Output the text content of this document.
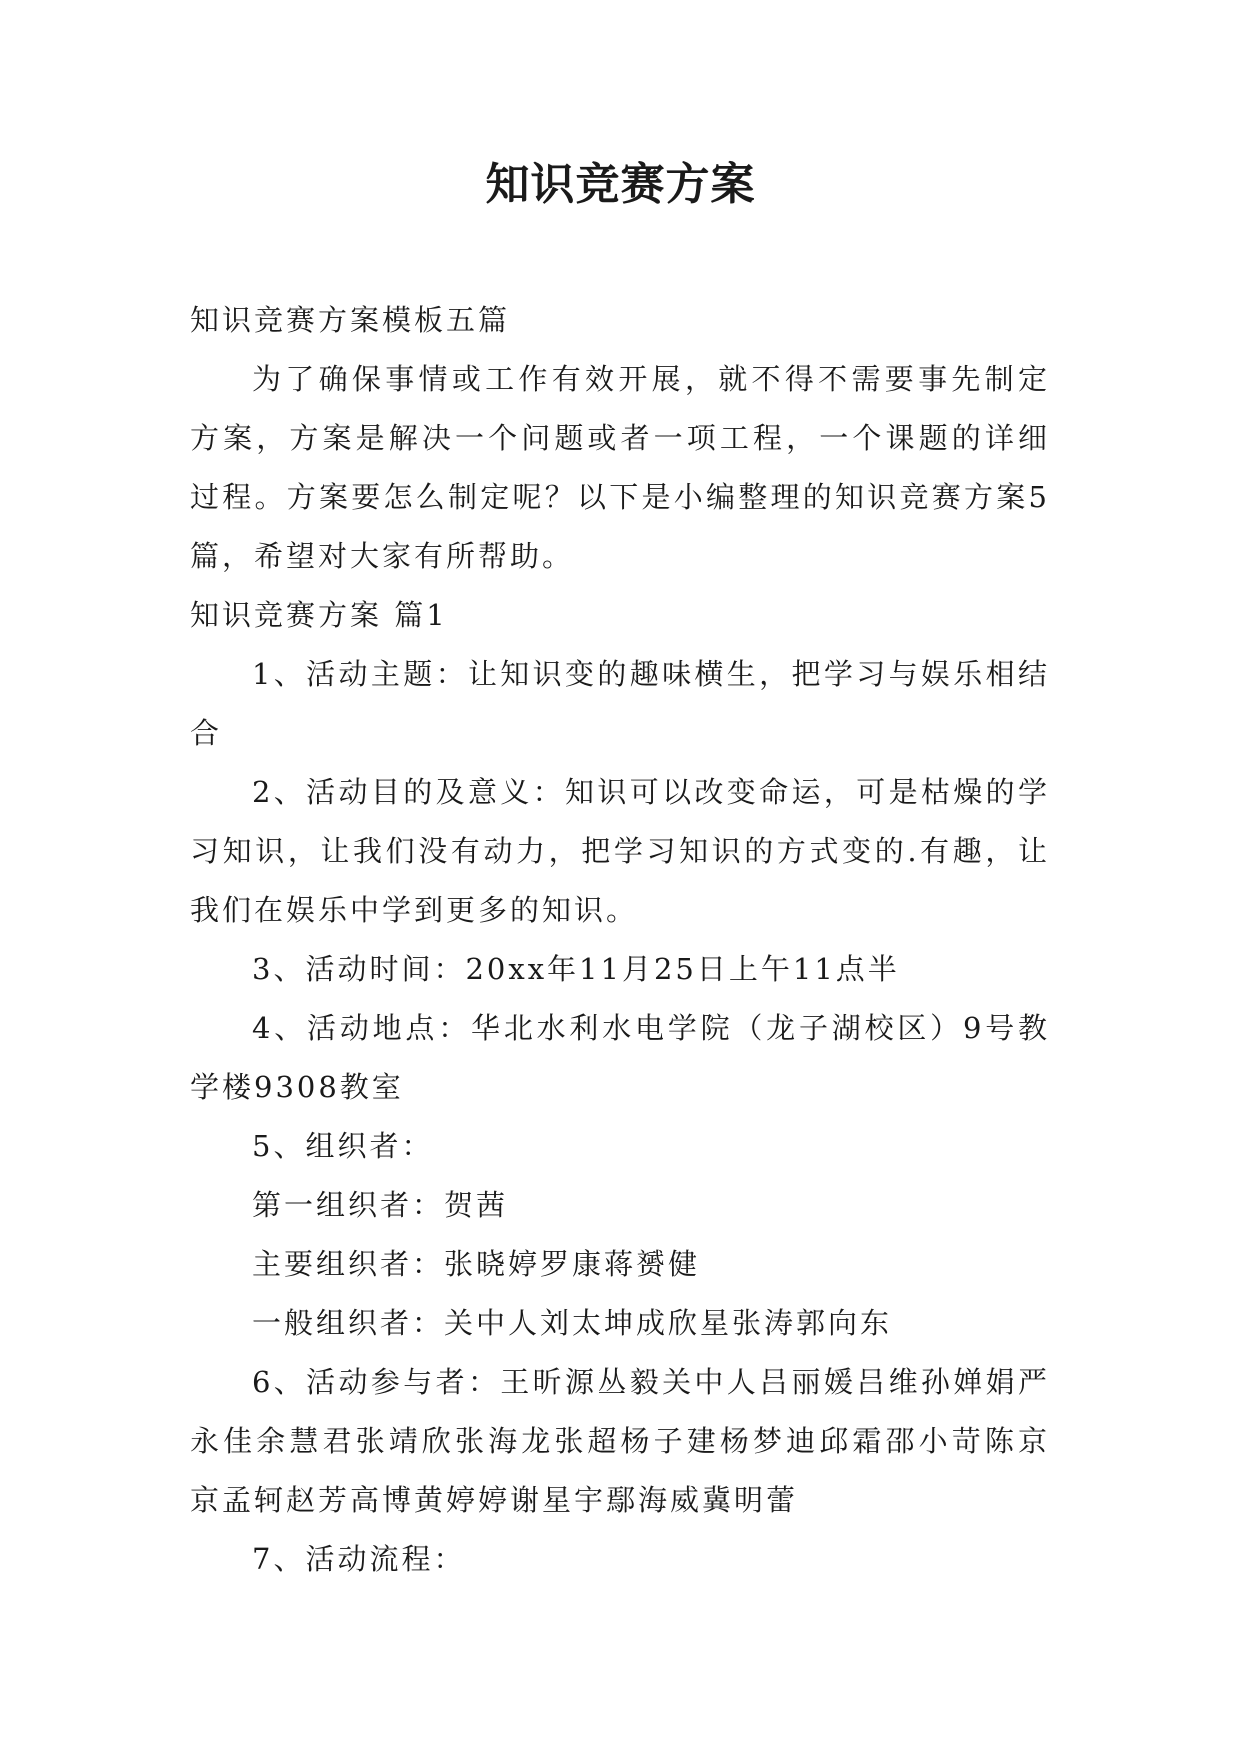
知识竞赛方案

知识竞赛方案模板五篇

为了确保事情或工作有效开展，就不得不需要事先制定方案，方案是解决一个问题或者一项工程，一个课题的详细过程。方案要怎么制定呢？以下是小编整理的知识竞赛方案5篇，希望对大家有所帮助。

知识竞赛方案 篇1

1、活动主题：让知识变的趣味横生，把学习与娱乐相结合

2、活动目的及意义：知识可以改变命运，可是枯燥的学习知识，让我们没有动力，把学习知识的方式变的.有趣，让我们在娱乐中学到更多的知识。

3、活动时间：20xx年11月25日上午11点半

4、活动地点：华北水利水电学院（龙子湖校区）9号教学楼9308教室

5、组织者：

第一组织者：贺茜

主要组织者：张晓婷罗康蒋赟健

一般组织者：关中人刘太坤成欣星张涛郭向东

6、活动参与者：王昕源丛毅关中人吕丽媛吕维孙婵娟严永佳余慧君张靖欣张海龙张超杨子建杨梦迪邱霜邵小苛陈京京孟轲赵芳高博黄婷婷谢星宇鄢海威冀明蕾

7、活动流程：
